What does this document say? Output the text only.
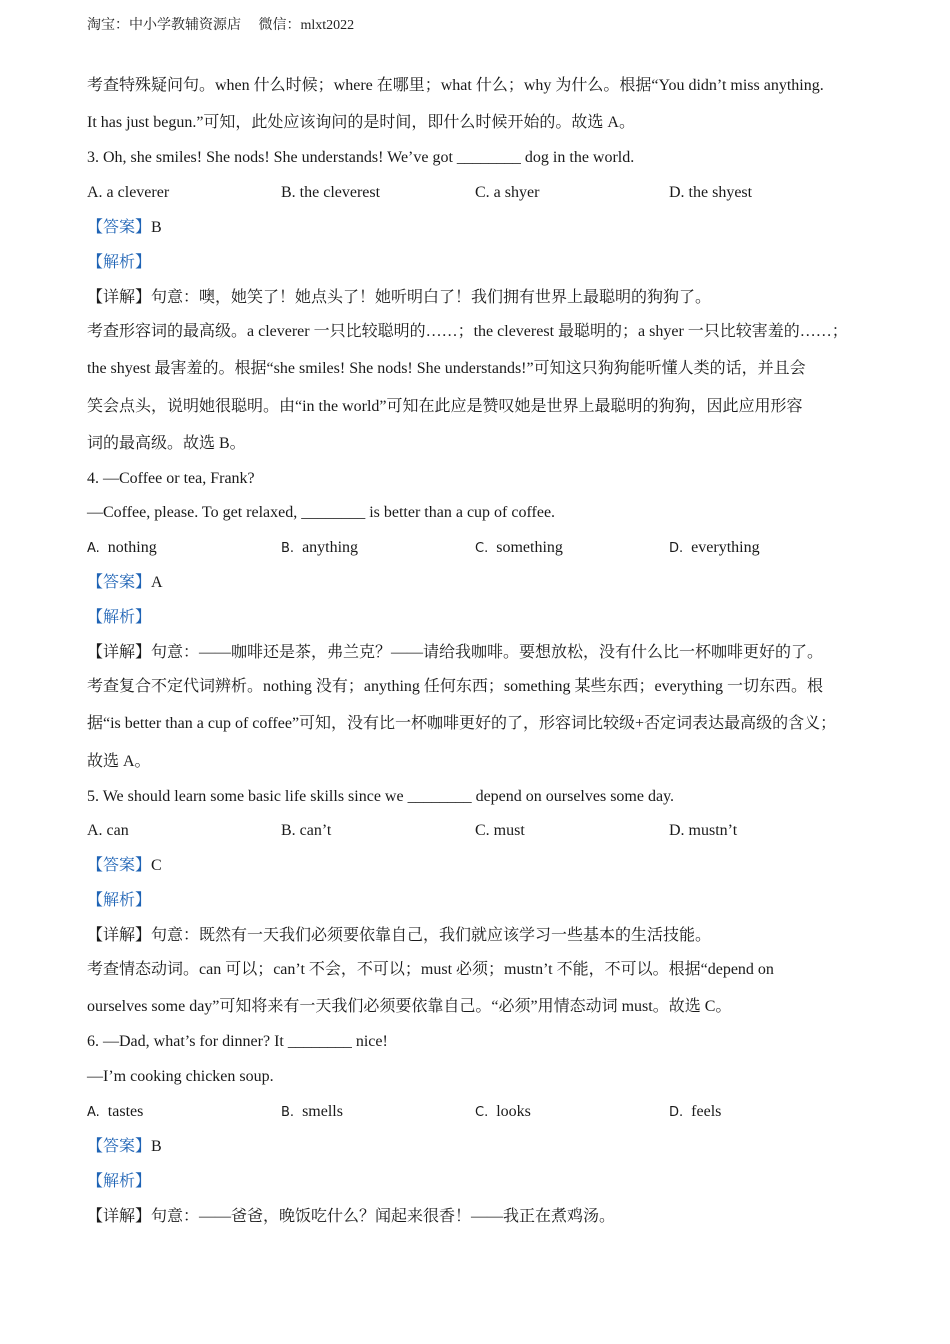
淘宝：中小学教辅资源店 微信：mlxt2022
考查特殊疑问句。when 什么时候；where 在哪里；what 什么；why 为什么。根据“You didn’t miss anything.
It has just begun.”可知，此处应该询问的是时间，即什么时候开始的。故选 A。
3. Oh, she smiles! She nods! She understands! We’ve got ________ dog in the world.
A. a cleverer	B. the cleverest	C. a shyer	D. the shyest
【答案】B
【解析】
【详解】句意：噢，她笑了！她点头了！她听明白了！我们拥有世界上最聪明的狗狗了。
考查形容词的最高级。a cleverer 一只比较聪明的……；the cleverest 最聪明的；a shyer 一只比较害羞的……；
the shyest 最害羞的。根据“she smiles! She nods! She understands!”可知这只狗狗能听懂人类的话，并且会
笑会点头，说明她很聪明。由“in the world”可知在此应是赞叹她是世界上最聪明的狗狗，因此应用形容
词的最高级。故选 B。
4. —Coffee or tea, Frank?
—Coffee, please. To get relaxed, ________ is better than a cup of coffee.
A. nothing	B. anything	C. something	D. everything
【答案】A
【解析】
【详解】句意：——咖啡还是茶，弗兰克？——请给我咖啡。要想放松，没有什么比一杯咖啡更好的了。
考查复合不定代词辨析。nothing 没有；anything 任何东西；something 某些东西；everything 一切东西。根
据“is better than a cup of coffee”可知，没有比一杯咖啡更好的了，形容词比较级+否定词表达最高级的含义；
故选 A。
5. We should learn some basic life skills since we ________ depend on ourselves some day.
A. can	B. can’t	C. must	D. mustn’t
【答案】C
【解析】
【详解】句意：既然有一天我们必须要依靠自己，我们就应该学习一些基本的生活技能。
考查情态动词。can 可以；can’t 不会，不可以；must 必须；mustn’t 不能，不可以。根据“depend on
ourselves some day”可知将来有一天我们必须要依靠自己。“必须”用情态动词 must。故选 C。
6. —Dad, what’s for dinner? It ________ nice!
—I’m cooking chicken soup.
A. tastes	B. smells	C. looks	D. feels
【答案】B
【解析】
【详解】句意：——爸爸，晚饭吃什么？闻起来很香！——我正在煮鸡汤。
